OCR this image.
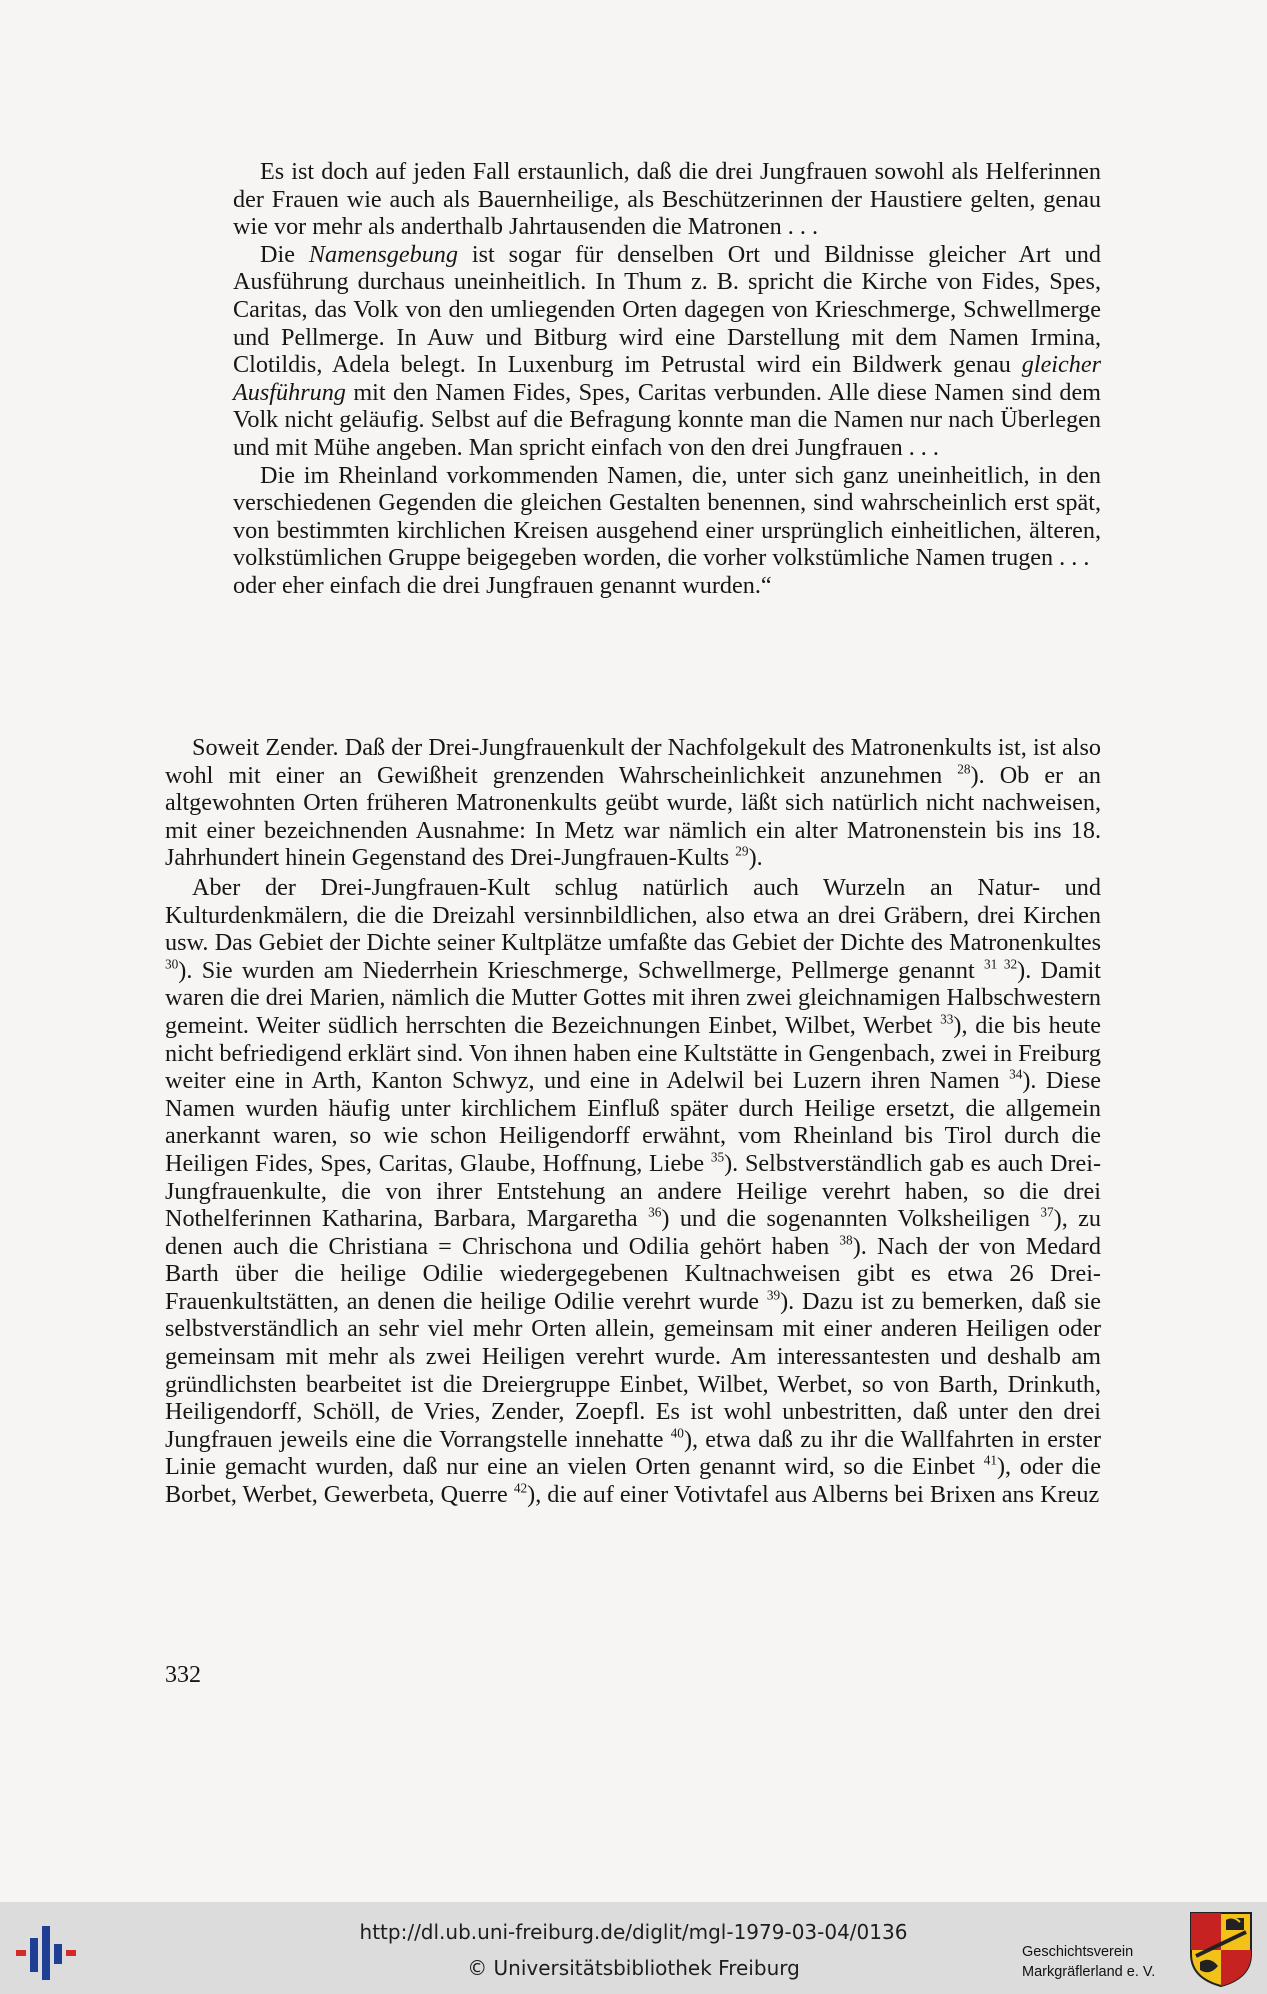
Es ist doch auf jeden Fall erstaunlich, daß die drei Jungfrauen sowohl als Helferinnen der Frauen wie auch als Bauernheilige, als Beschützerinnen der Haustiere gelten, genau wie vor mehr als anderthalb Jahrtausenden die Matronen . . .

Die Namensgebung ist sogar für denselben Ort und Bildnisse gleicher Art und Ausführung durchaus uneinheitlich. In Thum z. B. spricht die Kirche von Fides, Spes, Caritas, das Volk von den umliegenden Orten dagegen von Krieschmerge, Schwellmerge und Pellmerge. In Auw und Bitburg wird eine Darstellung mit dem Namen Irmina, Clotildis, Adela belegt. In Luxenburg im Petrustal wird ein Bildwerk genau gleicher Ausführung mit den Namen Fides, Spes, Caritas verbunden. Alle diese Namen sind dem Volk nicht geläufig. Selbst auf die Befragung konnte man die Namen nur nach Überlegen und mit Mühe angeben. Man spricht einfach von den drei Jungfrauen . . .

Die im Rheinland vorkommenden Namen, die, unter sich ganz uneinheitlich, in den verschiedenen Gegenden die gleichen Gestalten benennen, sind wahrscheinlich erst spät, von bestimmten kirchlichen Kreisen ausgehend einer ursprünglich einheitlichen, älteren, volkstümlichen Gruppe beigegeben worden, die vorher volkstümliche Namen trugen . . .

oder eher einfach die drei Jungfrauen genannt wurden.“

Soweit Zender. Daß der Drei-Jungfrauenkult der Nachfolgekult des Matronenkults ist, ist also wohl mit einer an Gewißheit grenzenden Wahrscheinlichkeit anzunehmen $^{28}$). Ob er an altgewohnten Orten früheren Matronenkults geübt wurde, läßt sich natürlich nicht nachweisen, mit einer bezeichnenden Ausnahme: In Metz war nämlich ein alter Matronenstein bis ins 18. Jahrhundert hinein Gegenstand des Drei-Jungfrauen-Kults $^{29}$).

Aber der Drei-Jungfrauen-Kult schlug natürlich auch Wurzeln an Natur- und Kulturdenkmälern, die die Dreizahl versinnbildlichen, also etwa an drei Gräbern, drei Kirchen usw. Das Gebiet der Dichte seiner Kultplätze umfaßte das Gebiet der Dichte des Matronenkultes $^{30}$). Sie wurden am Niederrhein Krieschmerge, Schwellmerge, Pellmerge genannt $^{31 32}$). Damit waren die drei Marien, nämlich die Mutter Gottes mit ihren zwei gleichnamigen Halbschwestern gemeint. Weiter südlich herrschten die Bezeichnungen Einbet, Wilbet, Werbet $^{33}$), die bis heute nicht befriedigend erklärt sind. Von ihnen haben eine Kultstätte in Gengenbach, zwei in Freiburg weiter eine in Arth, Kanton Schwyz, und eine in Adelwil bei Luzern ihren Namen $^{34}$). Diese Namen wurden häufig unter kirchlichem Einfluß später durch Heilige ersetzt, die allgemein anerkannt waren, so wie schon Heiligendorff erwähnt, vom Rheinland bis Tirol durch die Heiligen Fides, Spes, Caritas, Glaube, Hoffnung, Liebe $^{35}$). Selbstverständlich gab es auch Drei-Jungfrauenkulte, die von ihrer Entstehung an andere Heilige verehrt haben, so die drei Nothelferinnen Katharina, Barbara, Margaretha $^{36}$) und die sogenannten Volksheiligen $^{37}$), zu denen auch die Christiana = Chrischona und Odilia gehört haben $^{38}$). Nach der von Medard Barth über die heilige Odilie wiedergegebenen Kultnachweisen gibt es etwa 26 Drei-Frauenkultstätten, an denen die heilige Odilie verehrt wurde $^{39}$). Dazu ist zu bemerken, daß sie selbstverständlich an sehr viel mehr Orten allein, gemeinsam mit einer anderen Heiligen oder gemeinsam mit mehr als zwei Heiligen verehrt wurde. Am interessantesten und deshalb am gründlichsten bearbeitet ist die Dreiergruppe Einbet, Wilbet, Werbet, so von Barth, Drinkuth, Heiligendorff, Schöll, de Vries, Zender, Zoepfl. Es ist wohl unbestritten, daß unter den drei Jungfrauen jeweils eine die Vorrangstelle innehatte $^{40}$), etwa daß zu ihr die Wallfahrten in erster Linie gemacht wurden, daß nur eine an vielen Orten genannt wird, so die Einbet $^{41}$), oder die Borbet, Werbet, Gewerbeta, Querre $^{42}$), die auf einer Votivtafel aus Alberns bei Brixen ans Kreuz

332
http://dl.ub.uni-freiburg.de/diglit/mgl-1979-03-04/0136
© Universitätsbibliothek Freiburg
Geschichtsverein
Markgräflerland e. V.
